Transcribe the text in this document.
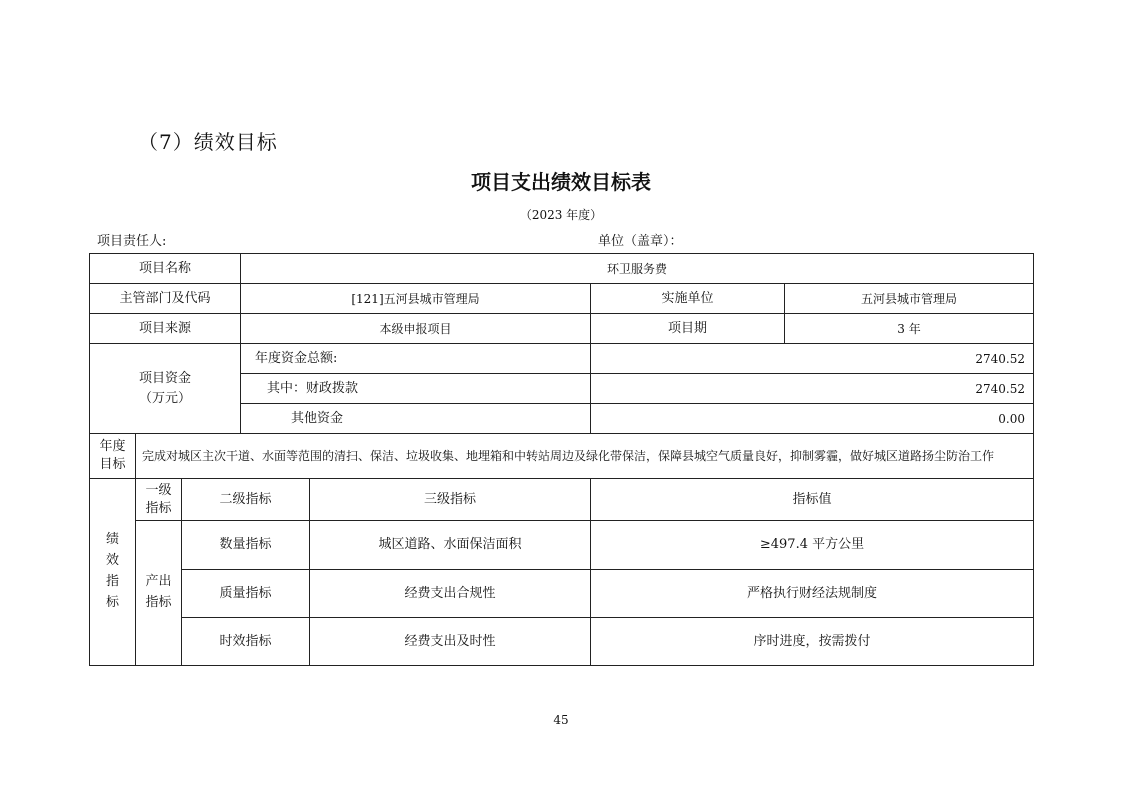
（7）绩效目标
项目支出绩效目标表
（2023 年度）
项目责任人:	单位（盖章）：
项目名称	环卫服务费
主管部门及代码	[121]五河县城市管理局	实施单位	五河县城市管理局
项目来源	本级申报项目	项目期	3 年
项目资金
（万元）
年度资金总额:	2740.52
其中：财政拨款	2740.52
其他资金	0.00
年度
目标
完成对城区主次干道、水面等范围的清扫、保洁、垃圾收集、地埋箱和中转站周边及绿化带保洁，保障县城空气质量良好，抑制雾霾，做好城区道路扬尘防治工作
绩
效
指
标
一级
指标
二级指标	三级指标	指标值
产出
指标
数量指标	城区道路、水面保洁面积	≥497.4 平方公里
质量指标	经费支出合规性	严格执行财经法规制度
时效指标	经费支出及时性	序时进度，按需拨付
45
